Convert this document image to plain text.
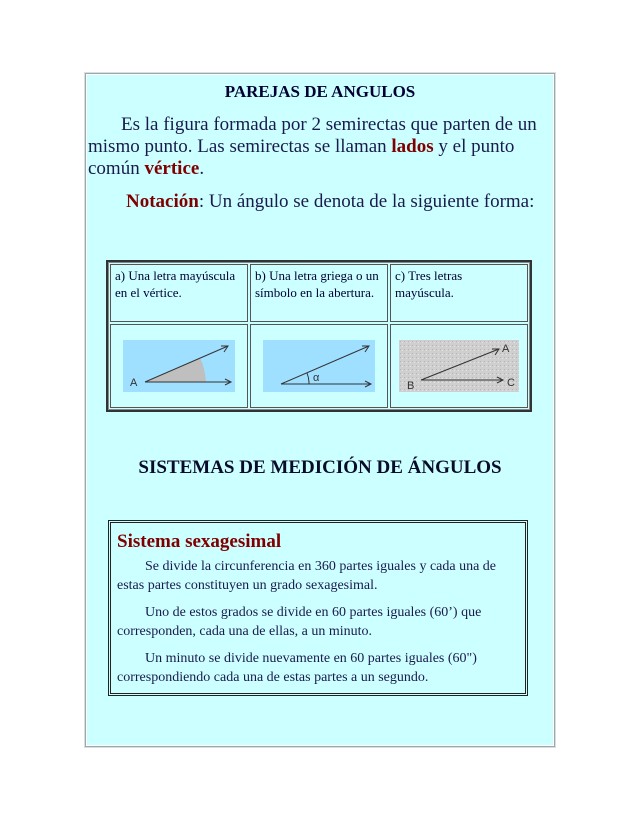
PAREJAS DE ANGULOS
Es la figura formada por 2 semirectas que parten de un mismo punto. Las semirectas se llaman lados y el punto común vértice.
Notación: Un ángulo se denota de la siguiente forma:
a) Una letra mayúscula en el vértice.	b) Una letra griega o un símbolo en la abertura.	c) Tres letras mayúscula.

A	α	A
B C
SISTEMAS DE MEDICIÓN DE ÁNGULOS
Sistema sexagesimal

Se divide la circunferencia en 360 partes iguales y cada una de estas partes constituyen un grado sexagesimal.

Uno de estos grados se divide en 60 partes iguales (60’) que corresponden, cada una de ellas, a un minuto.

Un minuto se divide nuevamente en 60 partes iguales (60") correspondiendo cada una de estas partes a un segundo.
